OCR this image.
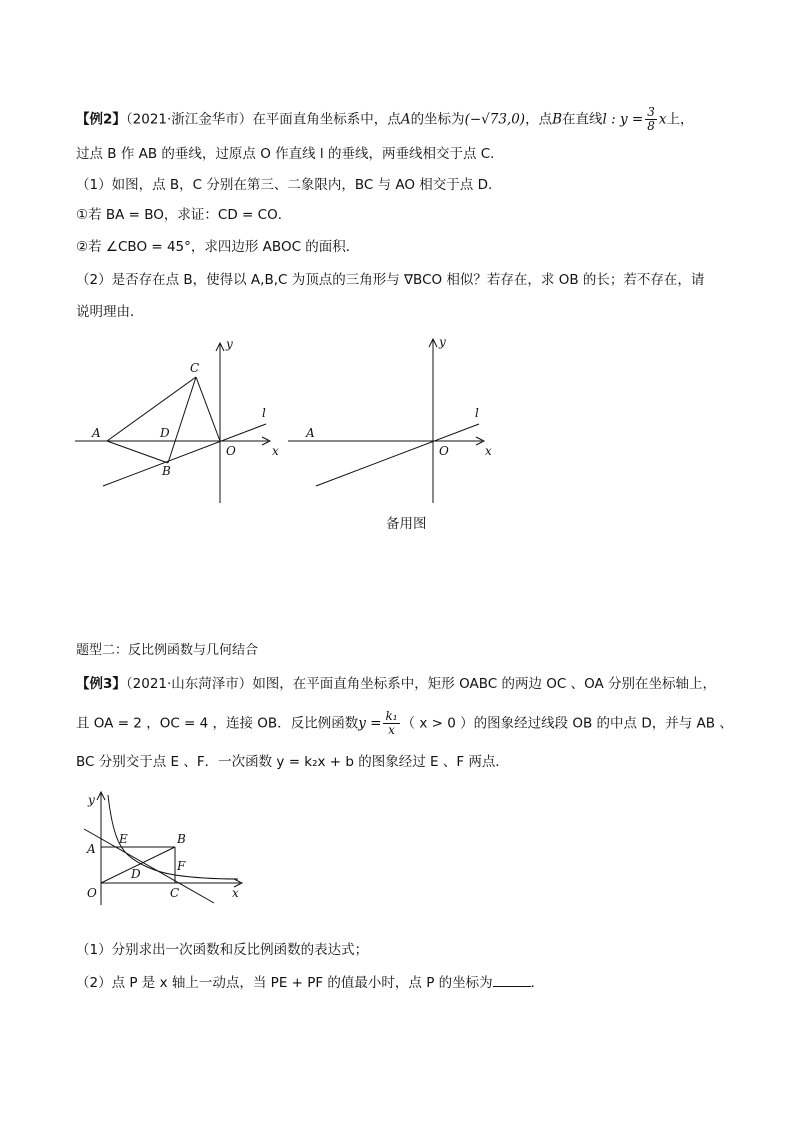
【例2】（2021·浙江金华市）在平面直角坐标系中，点A的坐标为(−√73,0)，点B在直线l : $y = \frac{3}{8}$ x上，
过点 B 作 AB 的垂线，过原点 O 作直线 l 的垂线，两垂线相交于点 C．
（1）如图，点 B，C 分别在第三、二象限内，BC 与 AO 相交于点 D．
①若 BA = BO，求证：CD = CO．
②若 ∠CBO = 45°，求四边形 ABOC 的面积．
（2）是否存在点 B，使得以 A,B,C 为顶点的三角形与 ∇BCO 相似？若存在，求 OB 的长；若不存在，请
说明理由．
A
C
D
B
O
l
x
y
A
O
l
x
y
y
E	B
A
F
D
O	C	x
备用图
题型二：反比例函数与几何结合
【例3】（2021·山东菏泽市）如图，在平面直角坐标系中，矩形 OABC 的两边 OC 、OA 分别在坐标轴上，
且 OA = 2 ，OC = 4 ，连接 OB．反比例函数$y = \frac{\text{k₁}}{x}$ （ x > 0 ）的图象经过线段 OB 的中点 D，并与 AB 、
BC 分别交于点 E 、F．一次函数 y = k₂x + b 的图象经过 E 、F 两点．
（1）分别求出一次函数和反比例函数的表达式；
（2）点 P 是 x 轴上一动点，当 PE + PF 的值最小时，点 P 的坐标为	．
